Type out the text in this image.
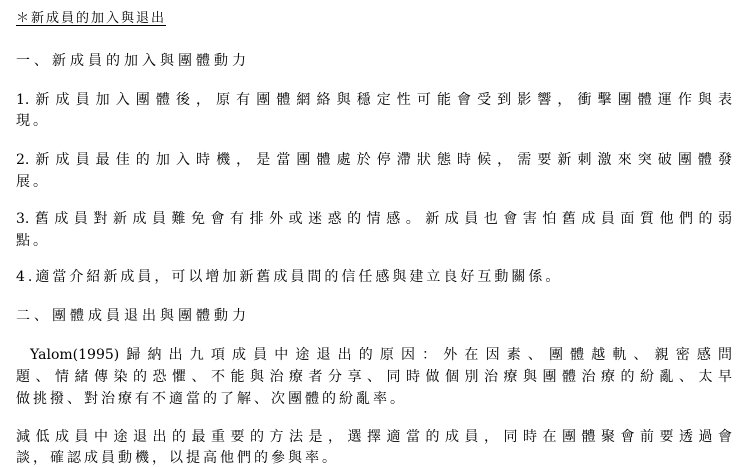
＊新成員的加入與退出
一、新成員的加入與團體動力
1.新成員加入團體後，原有團體網絡與穩定性可能會受到影響，衝擊團體運作與表
現。
2.新成員最佳的加入時機，是當團體處於停滯狀態時候，需要新刺激來突破團體發
展。
3.舊成員對新成員難免會有排外或迷惑的情感。新成員也會害怕舊成員面質他們的弱
點。
4.適當介紹新成員，可以增加新舊成員間的信任感與建立良好互動關係。
二、團體成員退出與團體動力
Yalom(1995)歸納出九項成員中途退出的原因：外在因素、團體越軌、親密感問
題、情緒傳染的恐懼、不能與治療者分享、同時做個別治療與團體治療的紛亂、太早
做挑撥、對治療有不適當的了解、次團體的紛亂率。
減低成員中途退出的最重要的方法是，選擇適當的成員，同時在團體聚會前要透過會
談，確認成員動機，以提高他們的參與率。
